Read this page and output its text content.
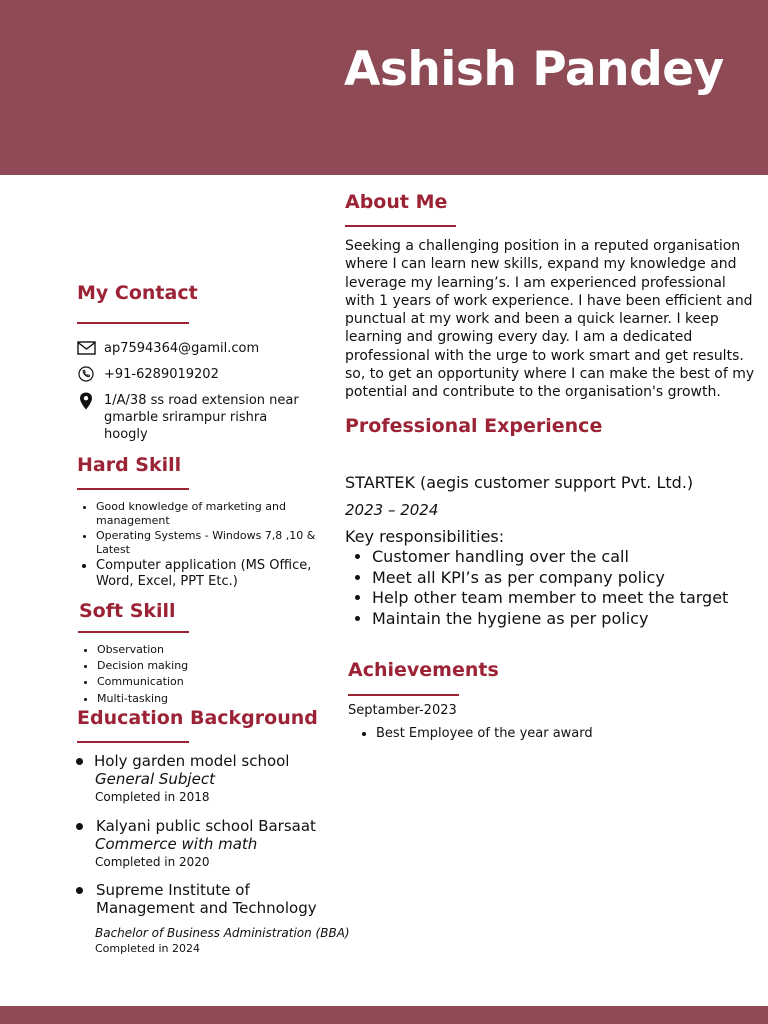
Ashish Pandey
About Me
Seeking a challenging position in a reputed organisation where I can learn new skills, expand my knowledge and leverage my learning’s. I am experienced professional with 1 years of work experience. I have been efficient and punctual at my work and been a quick learner. I keep learning and growing every day. I am a dedicated professional with the urge to work smart and get results. so, to get an opportunity where I can make the best of my potential and contribute to the organisation's growth.
My Contact
ap7594364@gamil.com
+91-6289019202
1/A/38 ss road extension near gmarble srirampur rishra hoogly
Hard Skill
• Good knowledge of marketing and management
• Operating Systems - Windows 7,8 ,10 & Latest
• Computer application (MS Office, Word, Excel, PPT Etc.)
Soft Skill
• Observation
• Decision making
• Communication
• Multi-tasking
Education Background
Holy garden model school
General Subject
Completed in 2018
Kalyani public school Barsaat
Commerce with math
Completed in 2020
Supreme Institute of Management and Technology
Bachelor of Business Administration (BBA)
Completed in 2024
Professional Experience
STARTEK (aegis customer support Pvt. Ltd.)
2023 – 2024
Key responsibilities:
• Customer handling over the call
• Meet all KPI’s as per company policy
• Help other team member to meet the target
• Maintain the hygiene as per policy
Achievements
Septamber-2023
• Best Employee of the year award
